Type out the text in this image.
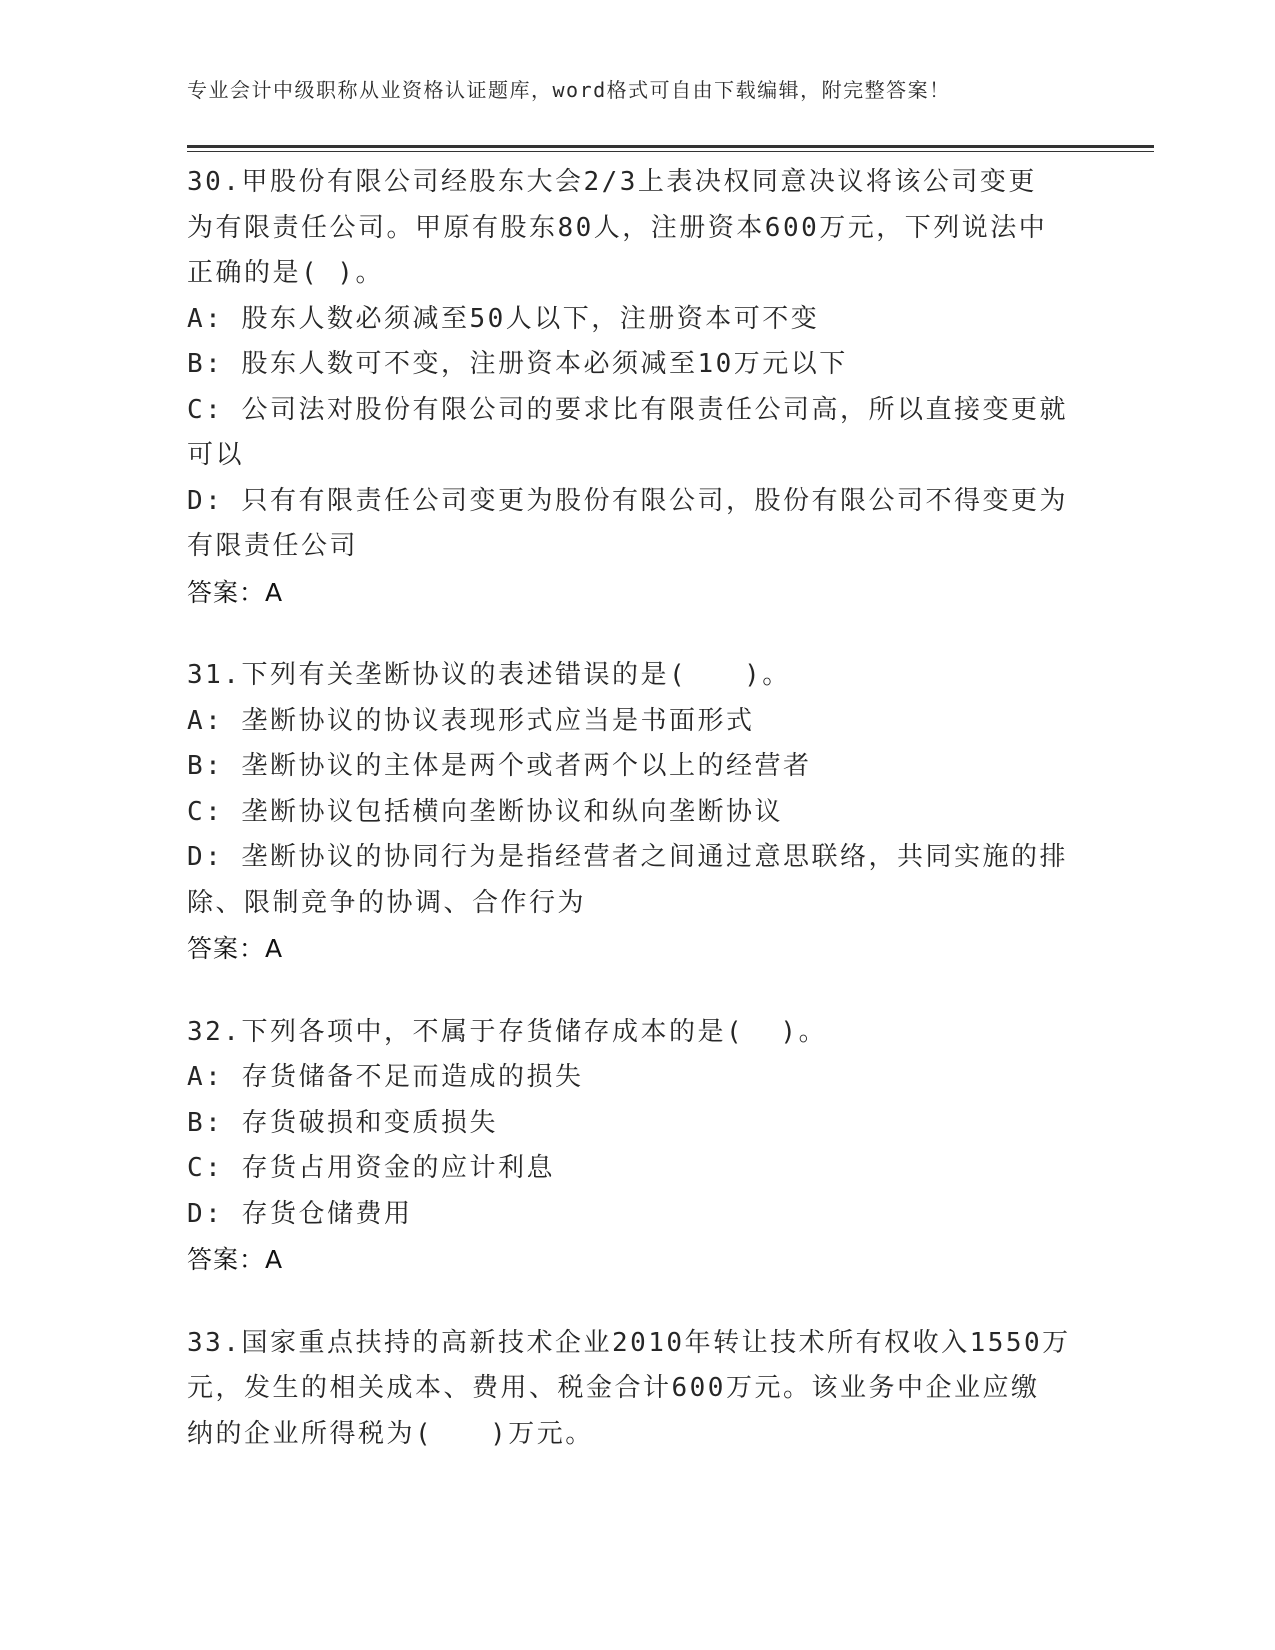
专业会计中级职称从业资格认证题库，word格式可自由下载编辑，附完整答案！
30.甲股份有限公司经股东大会2/3上表决权同意决议将该公司变更
为有限责任公司。甲原有股东80人，注册资本600万元，下列说法中
正确的是( )。
A: 股东人数必须减至50人以下，注册资本可不变
B: 股东人数可不变，注册资本必须减至10万元以下
C: 公司法对股份有限公司的要求比有限责任公司高，所以直接变更就
可以
D: 只有有限责任公司变更为股份有限公司，股份有限公司不得变更为
有限责任公司
答案：A
31.下列有关垄断协议的表述错误的是(　　)。
A: 垄断协议的协议表现形式应当是书面形式
B: 垄断协议的主体是两个或者两个以上的经营者
C: 垄断协议包括横向垄断协议和纵向垄断协议
D: 垄断协议的协同行为是指经营者之间通过意思联络，共同实施的排
除、限制竞争的协调、合作行为
答案：A
32.下列各项中，不属于存货储存成本的是(  )。
A: 存货储备不足而造成的损失
B: 存货破损和变质损失
C: 存货占用资金的应计利息
D: 存货仓储费用
答案：A
33.国家重点扶持的高新技术企业2010年转让技术所有权收入1550万
元，发生的相关成本、费用、税金合计600万元。该业务中企业应缴
纳的企业所得税为(　　)万元。
